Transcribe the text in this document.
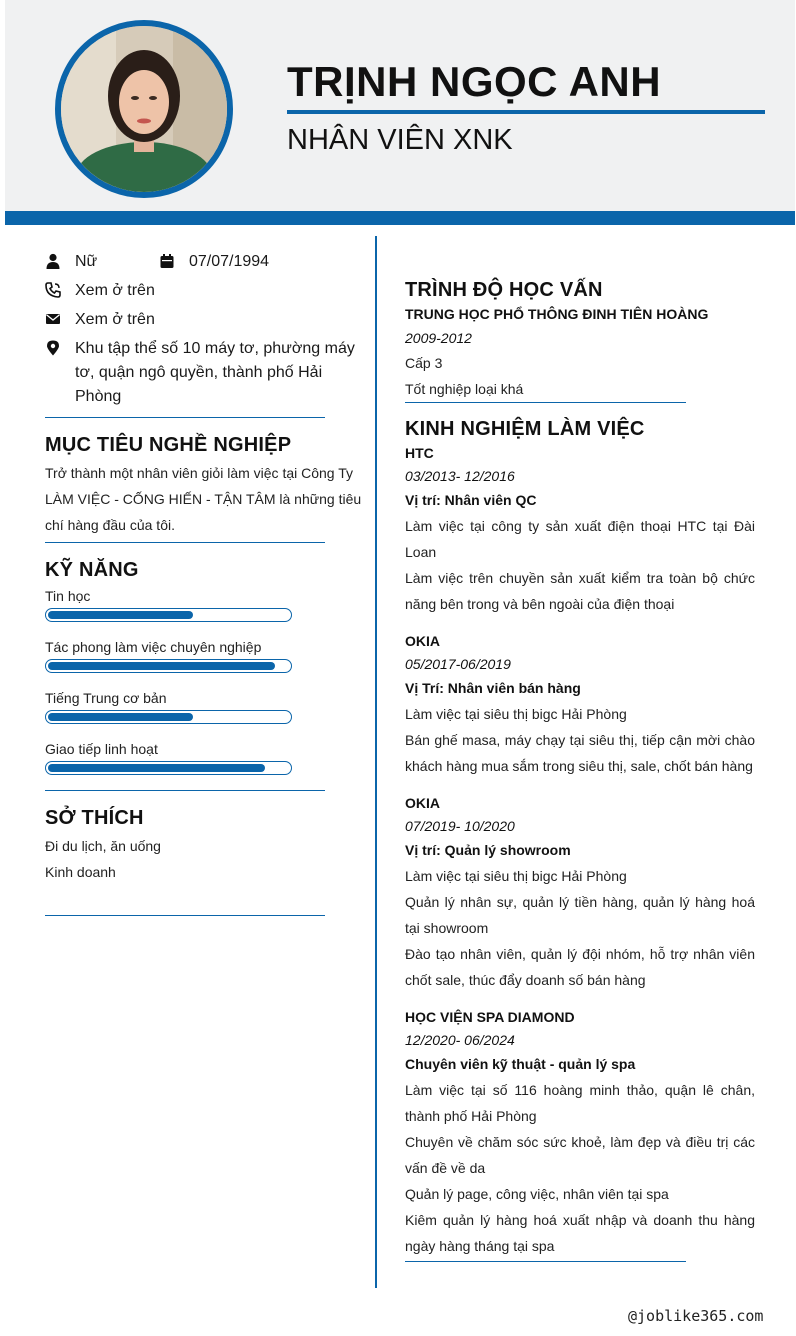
TRỊNH NGỌC ANH
NHÂN VIÊN XNK
Nữ	07/07/1994
Xem ở trên
Xem ở trên
Khu tập thể số 10 máy tơ, phường máy tơ, quận ngô quyền, thành phố Hải Phòng
MỤC TIÊU NGHỀ NGHIỆP
Trở thành một nhân viên giỏi làm việc tại Công Ty LÀM VIỆC - CỐNG HIẾN - TẬN TÂM là những tiêu chí hàng đầu của tôi.
KỸ NĂNG
Tin học
Tác phong làm việc chuyên nghiệp
Tiếng Trung cơ bản
Giao tiếp linh hoạt
SỞ THÍCH
Đi du lịch, ăn uống
Kinh doanh
TRÌNH ĐỘ HỌC VẤN
TRUNG HỌC PHỔ THÔNG ĐINH TIÊN HOÀNG
2009-2012
Cấp 3
Tốt nghiệp loại khá
KINH NGHIỆM LÀM VIỆC
HTC
03/2013- 12/2016
Vị trí: Nhân viên QC
Làm việc tại công ty sản xuất điện thoại HTC tại Đài Loan
Làm việc trên chuyền sản xuất kiểm tra toàn bộ chức năng bên trong và bên ngoài của điện thoại
OKIA
05/2017-06/2019
Vị Trí: Nhân viên bán hàng
Làm việc tại siêu thị bigc Hải Phòng
Bán ghế masa, máy chạy tại siêu thị, tiếp cận mời chào khách hàng mua sắm trong siêu thị, sale, chốt bán hàng
OKIA
07/2019- 10/2020
Vị trí: Quản lý showroom
Làm việc tại siêu thị bigc Hải Phòng
Quản lý nhân sự, quản lý tiền hàng, quản lý hàng hoá tại showroom
Đào tạo nhân viên, quản lý đội nhóm, hỗ trợ nhân viên chốt sale, thúc đẩy doanh số bán hàng
HỌC VIỆN SPA DIAMOND
12/2020- 06/2024
Chuyên viên kỹ thuật - quản lý spa
Làm việc tại số 116 hoàng minh thảo, quận lê chân, thành phố Hải Phòng
Chuyên về chăm sóc sức khoẻ, làm đẹp và điều trị các vấn đề về da
Quản lý page, công việc, nhân viên tại spa
Kiêm quản lý hàng hoá xuất nhập và doanh thu hàng ngày hàng tháng tại spa
@joblike365.com
